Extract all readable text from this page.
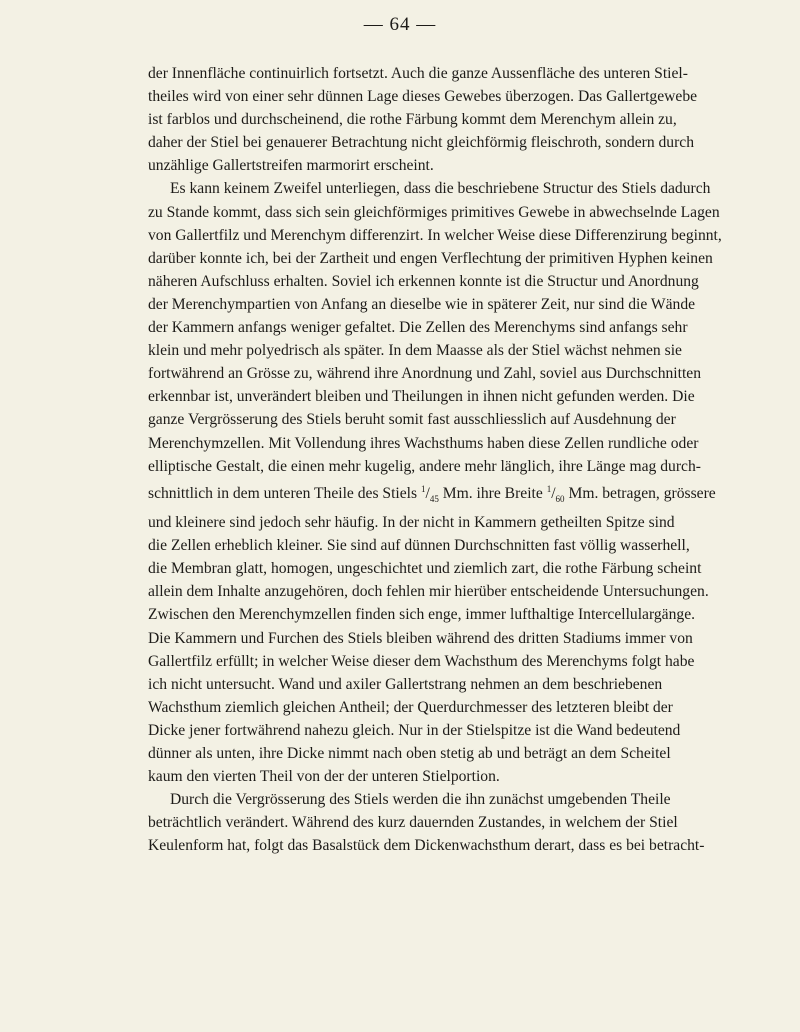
— 64 —

der Innenfläche continuirlich fortsetzt. Auch die ganze Aussenfläche des unteren Stiel-
theiles wird von einer sehr dünnen Lage dieses Gewebes überzogen. Das Gallertgewebe
ist farblos und durchscheinend, die rothe Färbung kommt dem Merenchym allein zu,
daher der Stiel bei genauerer Betrachtung nicht gleichförmig fleischroth, sondern durch
unzählige Gallertstreifen marmorirt erscheint.

Es kann keinem Zweifel unterliegen, dass die beschriebene Structur des Stiels dadurch
zu Stande kommt, dass sich sein gleichförmiges primitives Gewebe in abwechselnde Lagen
von Gallertfilz und Merenchym differenzirt. In welcher Weise diese Differenzirung beginnt,
darüber konnte ich, bei der Zartheit und engen Verflechtung der primitiven Hyphen keinen
näheren Aufschluss erhalten. Soviel ich erkennen konnte ist die Structur und Anordnung
der Merenchympartien von Anfang an dieselbe wie in späterer Zeit, nur sind die Wände
der Kammern anfangs weniger gefaltet. Die Zellen des Merenchyms sind anfangs sehr
klein und mehr polyedrisch als später. In dem Maasse als der Stiel wächst nehmen sie
fortwährend an Grösse zu, während ihre Anordnung und Zahl, soviel aus Durchschnitten
erkennbar ist, unverändert bleiben und Theilungen in ihnen nicht gefunden werden. Die
ganze Vergrösserung des Stiels beruht somit fast ausschliesslich auf Ausdehnung der
Merenchymzellen. Mit Vollendung ihres Wachsthums haben diese Zellen rundliche oder
elliptische Gestalt, die einen mehr kugelig, andere mehr länglich, ihre Länge mag durch-
schnittlich in dem unteren Theile des Stiels $^1/_{45}$ Mm. ihre Breite $^1/_{60}$ Mm. betragen, grössere
und kleinere sind jedoch sehr häufig. In der nicht in Kammern getheilten Spitze sind
die Zellen erheblich kleiner. Sie sind auf dünnen Durchschnitten fast völlig wasserhell,
die Membran glatt, homogen, ungeschichtet und ziemlich zart, die rothe Färbung scheint
allein dem Inhalte anzugehören, doch fehlen mir hierüber entscheidende Untersuchungen.
Zwischen den Merenchymzellen finden sich enge, immer lufthaltige Intercellulargänge.
Die Kammern und Furchen des Stiels bleiben während des dritten Stadiums immer von
Gallertfilz erfüllt; in welcher Weise dieser dem Wachsthum des Merenchyms folgt habe
ich nicht untersucht. Wand und axiler Gallertstrang nehmen an dem beschriebenen
Wachsthum ziemlich gleichen Antheil; der Querdurchmesser des letzteren bleibt der
Dicke jener fortwährend nahezu gleich. Nur in der Stielspitze ist die Wand bedeutend
dünner als unten, ihre Dicke nimmt nach oben stetig ab und beträgt an dem Scheitel
kaum den vierten Theil von der der unteren Stielportion.

Durch die Vergrösserung des Stiels werden die ihn zunächst umgebenden Theile
beträchtlich verändert. Während des kurz dauernden Zustandes, in welchem der Stiel
Keulenform hat, folgt das Basalstück dem Dickenwachsthum derart, dass es bei betracht-
